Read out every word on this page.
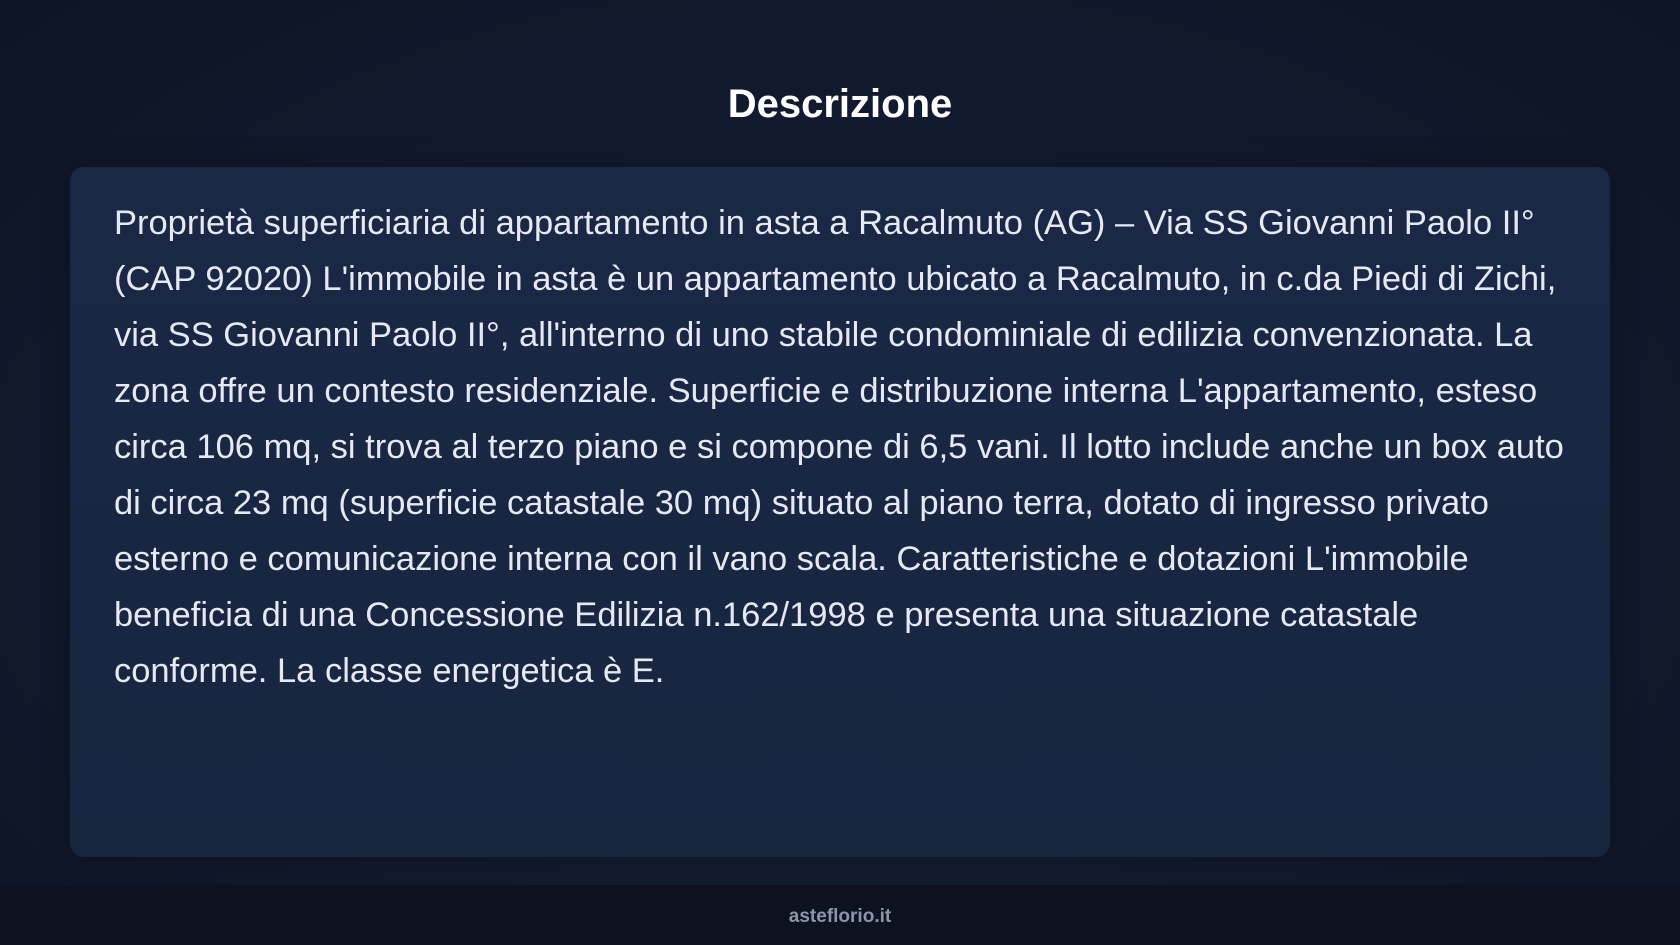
Descrizione

Proprietà superficiaria di appartamento in asta a Racalmuto (AG) – Via SS Giovanni Paolo II° (CAP 92020) L'immobile in asta è un appartamento ubicato a Racalmuto, in c.da Piedi di Zichi, via SS Giovanni Paolo II°, all'interno di uno stabile condominiale di edilizia convenzionata. La zona offre un contesto residenziale. Superficie e distribuzione interna L'appartamento, esteso circa 106 mq, si trova al terzo piano e si compone di 6,5 vani. Il lotto include anche un box auto di circa 23 mq (superficie catastale 30 mq) situato al piano terra, dotato di ingresso privato esterno e comunicazione interna con il vano scala. Caratteristiche e dotazioni L'immobile beneficia di una Concessione Edilizia n.162/1998 e presenta una situazione catastale conforme. La classe energetica è E.

asteflorio.it
